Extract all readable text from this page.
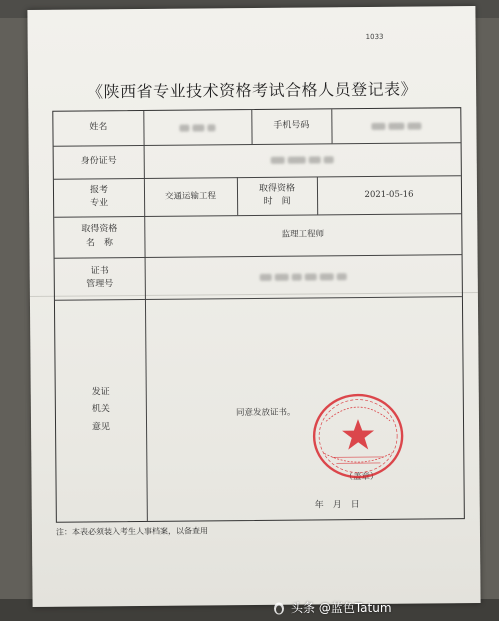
1033
《陕西省专业技术资格考试合格人员登记表》
姓名	手机号码
身份证号
报考
专业
交通运输工程
取得资格
时　间
2021-05-16
取得资格
名　称
监理工程师
证书
管理号
发证
机关
意见
同意发放证书。
（盖章）
年　月　日
注：本表必须装入考生人事档案，以备查用
头条 @蓝色Tatum
